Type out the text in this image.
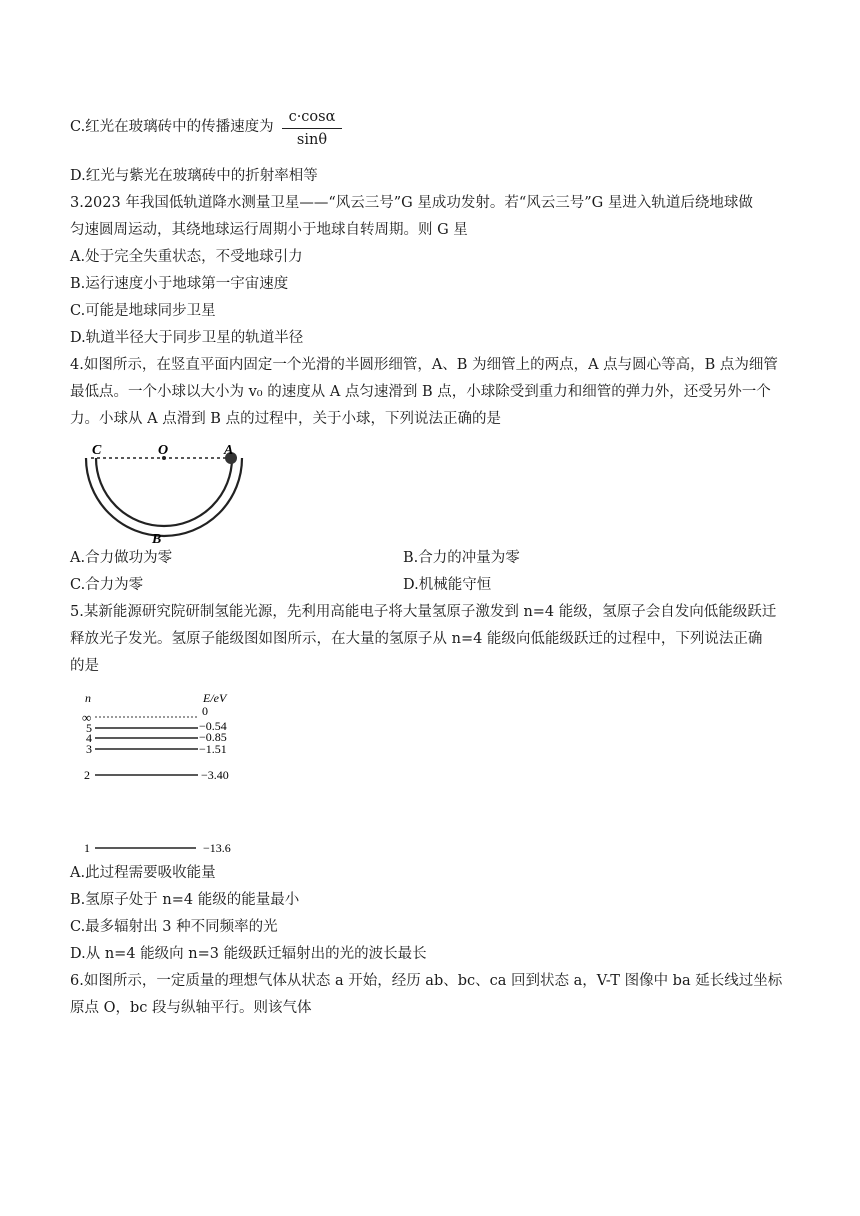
C.红光在玻璃砖中的传播速度为
c·cosα
sinθ
D.红光与紫光在玻璃砖中的折射率相等
3.2023 年我国低轨道降水测量卫星——“风云三号”G 星成功发射。若“风云三号”G 星进入轨道后绕地球做
匀速圆周运动，其绕地球运行周期小于地球自转周期。则 G 星
A.处于完全失重状态，不受地球引力
B.运行速度小于地球第一宇宙速度
C.可能是地球同步卫星
D.轨道半径大于同步卫星的轨道半径
4.如图所示，在竖直平面内固定一个光滑的半圆形细管，A、B 为细管上的两点，A 点与圆心等高，B 点为细管
最低点。一个小球以大小为 v₀ 的速度从 A 点匀速滑到 B 点，小球除受到重力和细管的弹力外，还受另外一个
力。小球从 A 点滑到 B 点的过程中，关于小球，下列说法正确的是
C	O	A
B
A.合力做功为零	B.合力的冲量为零
C.合力为零	D.机械能守恒
5.某新能源研究院研制氢能光源，先利用高能电子将大量氢原子激发到 n=4 能级，氢原子会自发向低能级跃迁
释放光子发光。氢原子能级图如图所示，在大量的氢原子从 n=4 能级向低能级跃迁的过程中，下列说法正确
的是
n	E/eV
∞	0
5	−0.54
4	−0.85
3	−1.51
2	−3.40
1	−13.6
A.此过程需要吸收能量
B.氢原子处于 n=4 能级的能量最小
C.最多辐射出 3 种不同频率的光
D.从 n=4 能级向 n=3 能级跃迁辐射出的光的波长最长
6.如图所示，一定质量的理想气体从状态 a 开始，经历 ab、bc、ca 回到状态 a，V-T 图像中 ba 延长线过坐标
原点 O，bc 段与纵轴平行。则该气体
